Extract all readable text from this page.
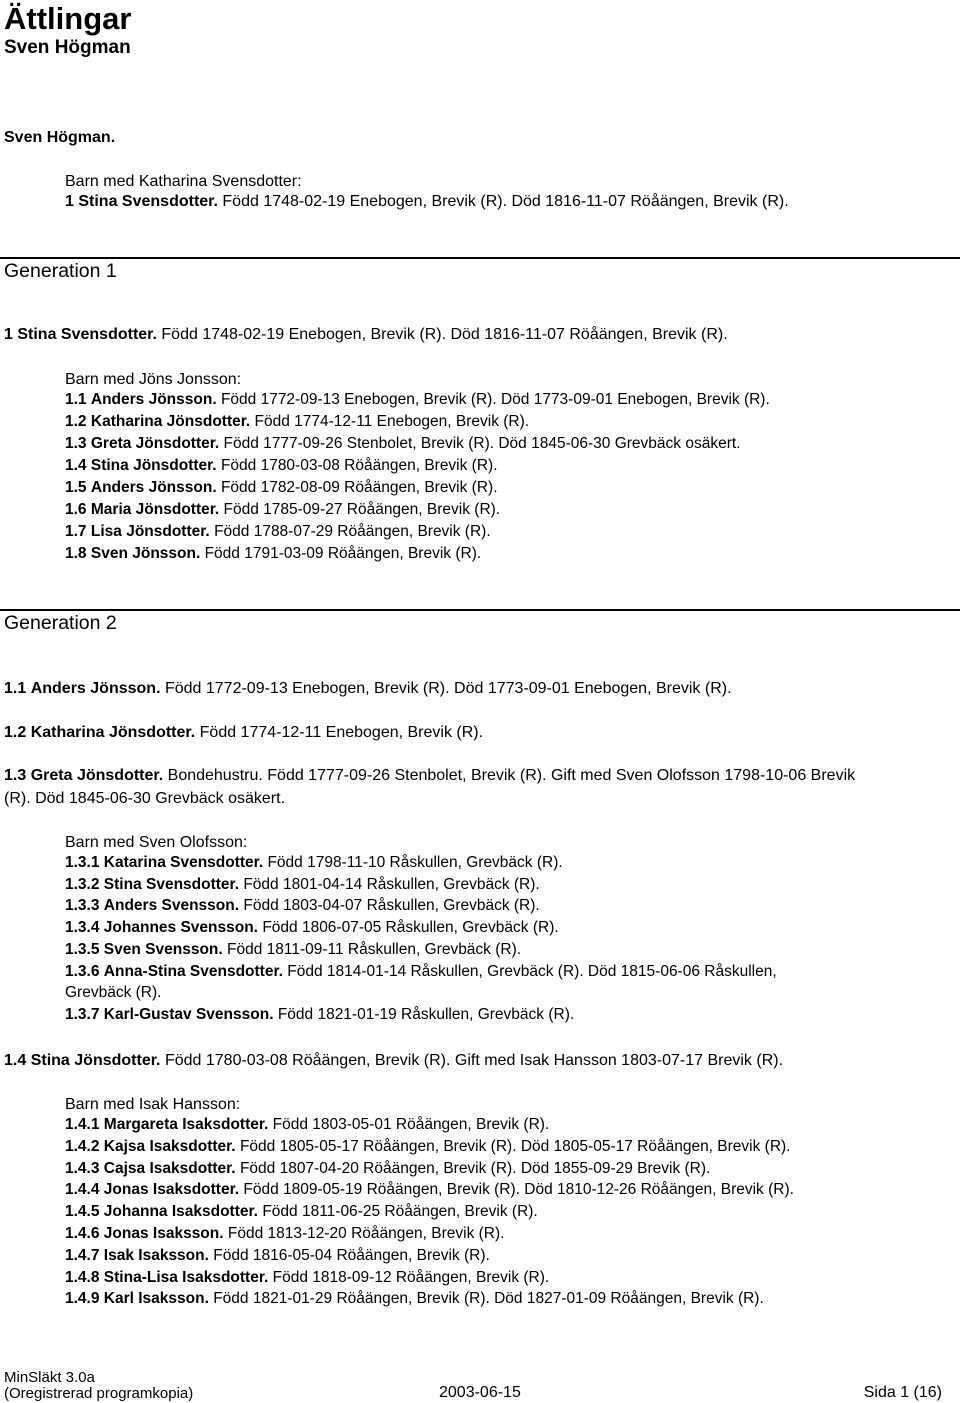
Ättlingar
Sven Högman
Sven Högman.
Barn med Katharina Svensdotter:
1 Stina Svensdotter. Född 1748-02-19 Enebogen, Brevik (R). Död 1816-11-07 Röåängen, Brevik (R).
Generation 1
1 Stina Svensdotter. Född 1748-02-19 Enebogen, Brevik (R). Död 1816-11-07 Röåängen, Brevik (R).
Barn med Jöns Jonsson:
1.1 Anders Jönsson. Född 1772-09-13 Enebogen, Brevik (R). Död 1773-09-01 Enebogen, Brevik (R).
1.2 Katharina Jönsdotter. Född 1774-12-11 Enebogen, Brevik (R).
1.3 Greta Jönsdotter. Född 1777-09-26 Stenbolet, Brevik (R). Död 1845-06-30 Grevbäck osäkert.
1.4 Stina Jönsdotter. Född 1780-03-08 Röåängen, Brevik (R).
1.5 Anders Jönsson. Född 1782-08-09 Röåängen, Brevik (R).
1.6 Maria Jönsdotter. Född 1785-09-27 Röåängen, Brevik (R).
1.7 Lisa Jönsdotter. Född 1788-07-29 Röåängen, Brevik (R).
1.8 Sven Jönsson. Född 1791-03-09 Röåängen, Brevik (R).
Generation 2
1.1 Anders Jönsson. Född 1772-09-13 Enebogen, Brevik (R). Död 1773-09-01 Enebogen, Brevik (R).
1.2 Katharina Jönsdotter. Född 1774-12-11 Enebogen, Brevik (R).
1.3 Greta Jönsdotter. Bondehustru. Född 1777-09-26 Stenbolet, Brevik (R). Gift med Sven Olofsson 1798-10-06 Brevik
(R). Död 1845-06-30 Grevbäck osäkert.
Barn med Sven Olofsson:
1.3.1 Katarina Svensdotter. Född 1798-11-10 Råskullen, Grevbäck (R).
1.3.2 Stina Svensdotter. Född 1801-04-14 Råskullen, Grevbäck (R).
1.3.3 Anders Svensson. Född 1803-04-07 Råskullen, Grevbäck (R).
1.3.4 Johannes Svensson. Född 1806-07-05 Råskullen, Grevbäck (R).
1.3.5 Sven Svensson. Född 1811-09-11 Råskullen, Grevbäck (R).
1.3.6 Anna-Stina Svensdotter. Född 1814-01-14 Råskullen, Grevbäck (R). Död 1815-06-06 Råskullen,
Grevbäck (R).
1.3.7 Karl-Gustav Svensson. Född 1821-01-19 Råskullen, Grevbäck (R).
1.4 Stina Jönsdotter. Född 1780-03-08 Röåängen, Brevik (R). Gift med Isak Hansson 1803-07-17 Brevik (R).
Barn med Isak Hansson:
1.4.1 Margareta Isaksdotter. Född 1803-05-01 Röåängen, Brevik (R).
1.4.2 Kajsa Isaksdotter. Född 1805-05-17 Röåängen, Brevik (R). Död 1805-05-17 Röåängen, Brevik (R).
1.4.3 Cajsa Isaksdotter. Född 1807-04-20 Röåängen, Brevik (R). Död 1855-09-29 Brevik (R).
1.4.4 Jonas Isaksdotter. Född 1809-05-19 Röåängen, Brevik (R). Död 1810-12-26 Röåängen, Brevik (R).
1.4.5 Johanna Isaksdotter. Född 1811-06-25 Röåängen, Brevik (R).
1.4.6 Jonas Isaksson. Född 1813-12-20 Röåängen, Brevik (R).
1.4.7 Isak Isaksson. Född 1816-05-04 Röåängen, Brevik (R).
1.4.8 Stina-Lisa Isaksdotter. Född 1818-09-12 Röåängen, Brevik (R).
1.4.9 Karl Isaksson. Född 1821-01-29 Röåängen, Brevik (R). Död 1827-01-09 Röåängen, Brevik (R).
MinSläkt 3.0a
(Oregistrerad programkopia)	2003-06-15	Sida 1 (16)
